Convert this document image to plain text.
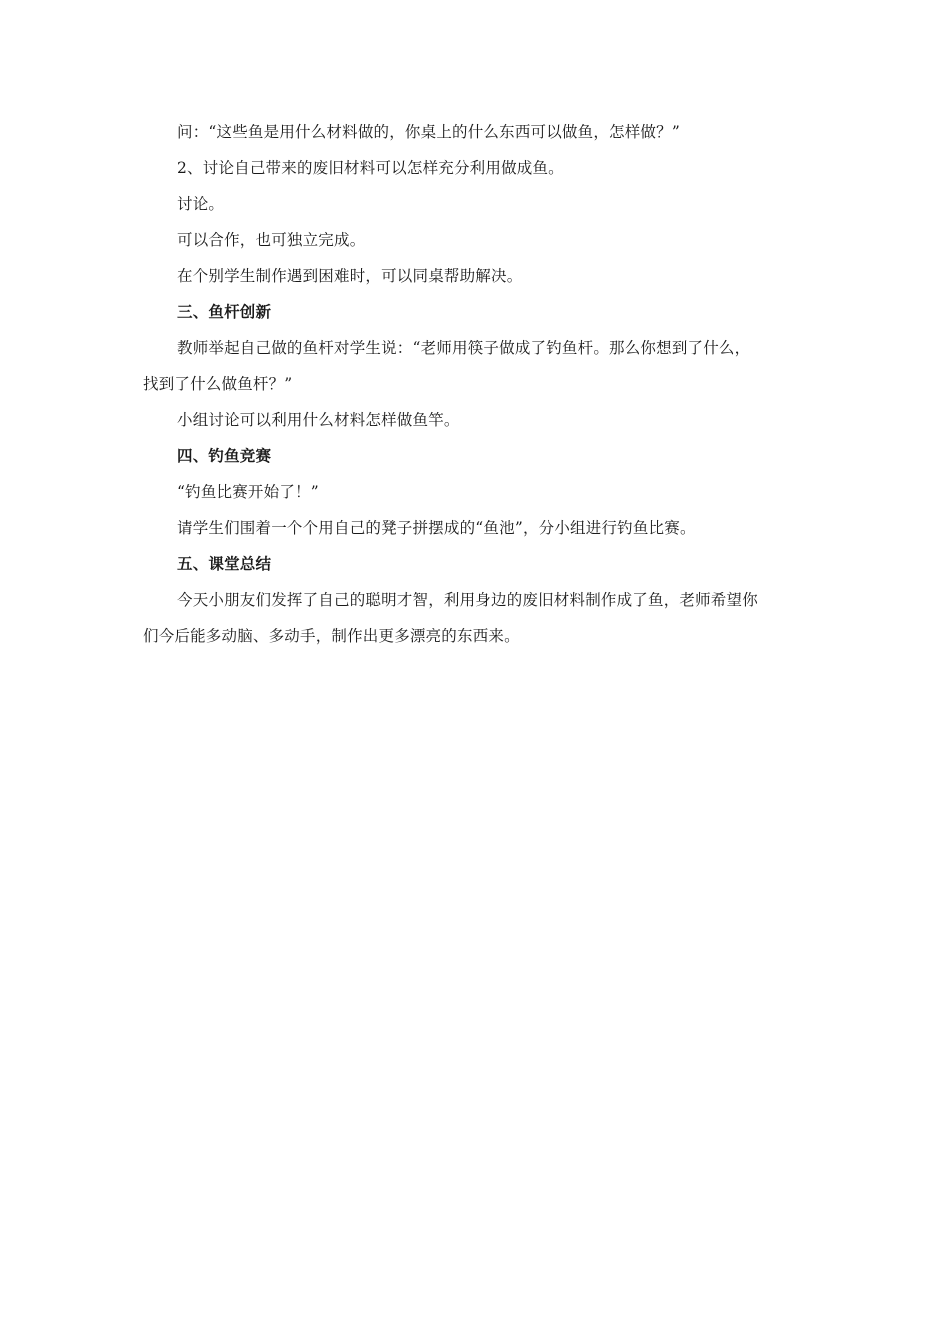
问：“这些鱼是用什么材料做的，你桌上的什么东西可以做鱼，怎样做？”
2、讨论自己带来的废旧材料可以怎样充分利用做成鱼。
讨论。
可以合作，也可独立完成。
在个别学生制作遇到困难时，可以同桌帮助解决。
三、鱼杆创新
教师举起自己做的鱼杆对学生说：“老师用筷子做成了钓鱼杆。那么你想到了什么，
找到了什么做鱼杆？”
小组讨论可以利用什么材料怎样做鱼竿。
四、钓鱼竞赛
“钓鱼比赛开始了！”
请学生们围着一个个用自己的凳子拼摆成的“鱼池”，分小组进行钓鱼比赛。
五、课堂总结
今天小朋友们发挥了自己的聪明才智，利用身边的废旧材料制作成了鱼，老师希望你
们今后能多动脑、多动手，制作出更多漂亮的东西来。
